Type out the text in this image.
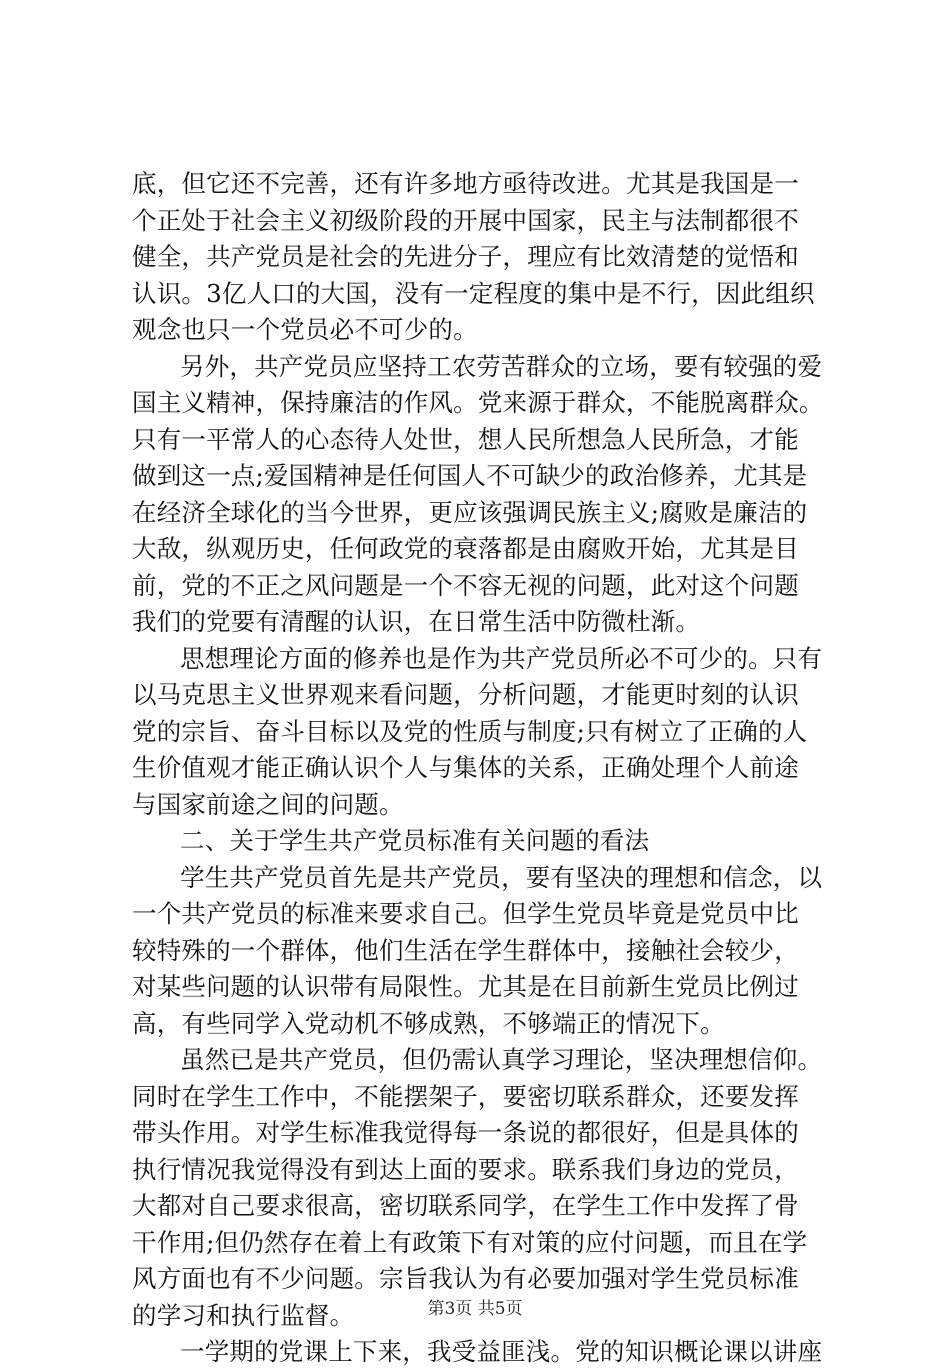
底，但它还不完善，还有许多地方亟待改进。尤其是我国是一
个正处于社会主义初级阶段的开展中国家，民主与法制都很不
健全，共产党员是社会的先进分子，理应有比效清楚的觉悟和
认识。3亿人口的大国，没有一定程度的集中是不行，因此组织
观念也只一个党员必不可少的。
另外，共产党员应坚持工农劳苦群众的立场，要有较强的爱
国主义精神，保持廉洁的作风。党来源于群众，不能脱离群众。
只有一平常人的心态待人处世，想人民所想急人民所急，才能
做到这一点;爱国精神是任何国人不可缺少的政治修养，尤其是
在经济全球化的当今世界，更应该强调民族主义;腐败是廉洁的
大敌，纵观历史，任何政党的衰落都是由腐败开始，尤其是目
前，党的不正之风问题是一个不容无视的问题，此对这个问题
我们的党要有清醒的认识，在日常生活中防微杜渐。
思想理论方面的修养也是作为共产党员所必不可少的。只有
以马克思主义世界观来看问题，分析问题，才能更时刻的认识
党的宗旨、奋斗目标以及党的性质与制度;只有树立了正确的人
生价值观才能正确认识个人与集体的关系，正确处理个人前途
与国家前途之间的问题。
二、关于学生共产党员标准有关问题的看法
学生共产党员首先是共产党员，要有坚决的理想和信念，以
一个共产党员的标准来要求自己。但学生党员毕竟是党员中比
较特殊的一个群体，他们生活在学生群体中，接触社会较少，
对某些问题的认识带有局限性。尤其是在目前新生党员比例过
高，有些同学入党动机不够成熟，不够端正的情况下。
虽然已是共产党员，但仍需认真学习理论，坚决理想信仰。
同时在学生工作中，不能摆架子，要密切联系群众，还要发挥
带头作用。对学生标准我觉得每一条说的都很好，但是具体的
执行情况我觉得没有到达上面的要求。联系我们身边的党员，
大都对自己要求很高，密切联系同学，在学生工作中发挥了骨
干作用;但仍然存在着上有政策下有对策的应付问题，而且在学
风方面也有不少问题。宗旨我认为有必要加强对学生党员标准
的学习和执行监督。
一学期的党课上下来，我受益匪浅。党的知识概论课以讲座
第3页 共5页
